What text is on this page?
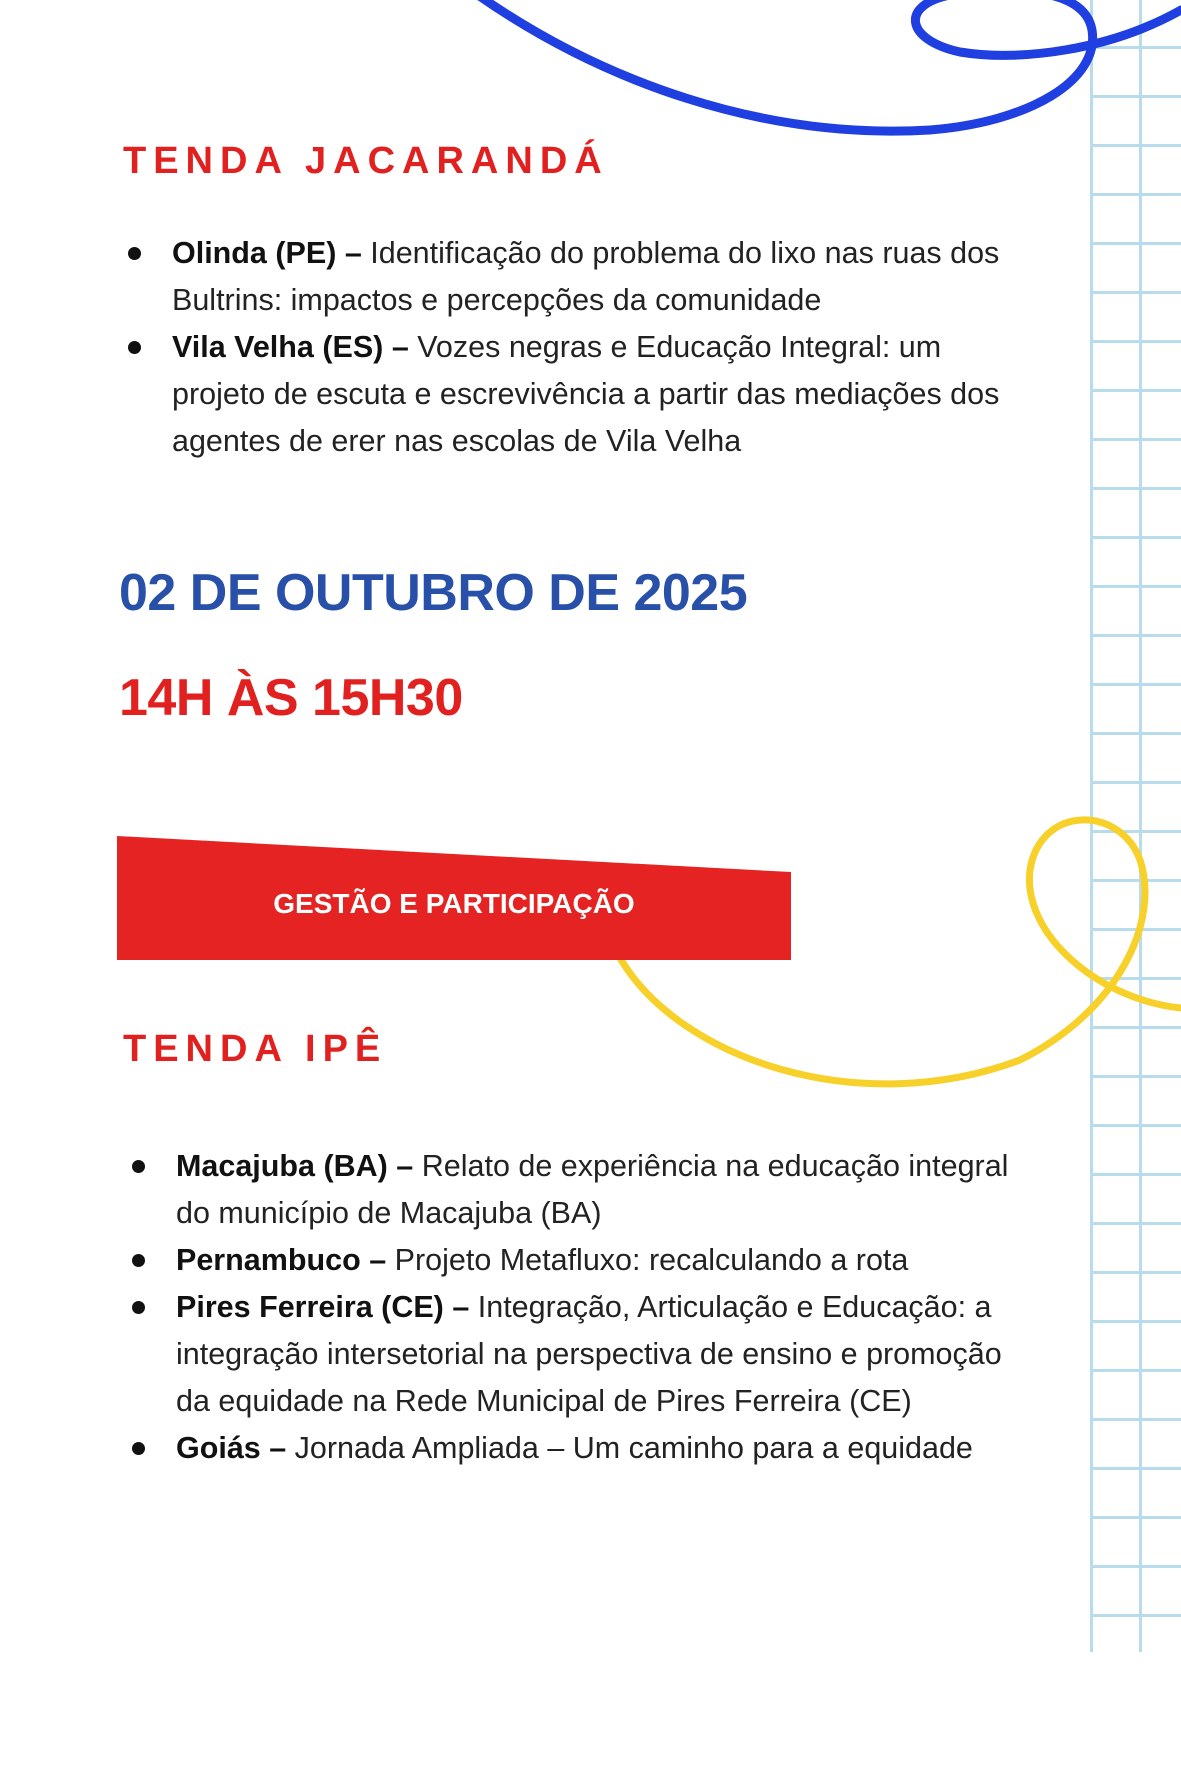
TENDA JACARANDÁ
Olinda (PE) – Identificação do problema do lixo nas ruas dos Bultrins: impactos e percepções da comunidade
Vila Velha (ES) – Vozes negras e Educação Integral: um projeto de escuta e escrevivência a partir das mediações dos agentes de erer nas escolas de Vila Velha
02 DE OUTUBRO DE 2025
14H ÀS 15H30
GESTÃO E PARTICIPAÇÃO
TENDA IPÊ
Macajuba (BA) – Relato de experiência na educação integral do município de Macajuba (BA)
Pernambuco – Projeto Metafluxo: recalculando a rota
Pires Ferreira (CE) – Integração, Articulação e Educação: a integração intersetorial na perspectiva de ensino e promoção da equidade na Rede Municipal de Pires Ferreira (CE)
Goiás – Jornada Ampliada – Um caminho para a equidade
